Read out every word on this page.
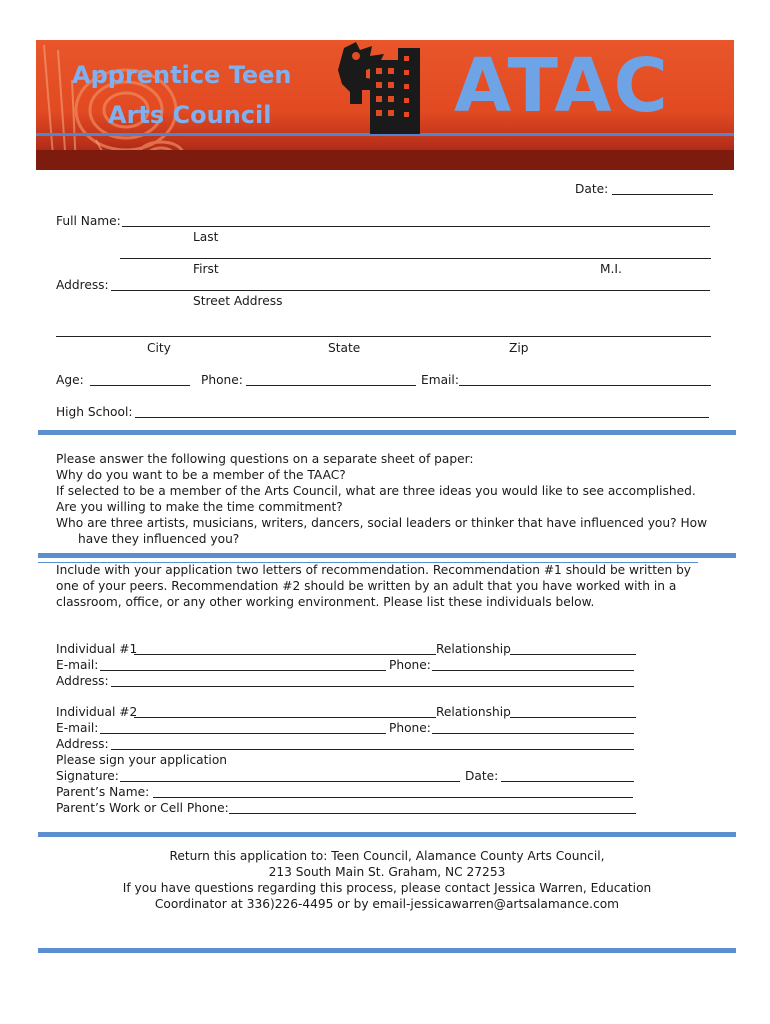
Apprentice Teen
Arts Council ATAC
Date:
Full Name:
Last
First	M.I.
Address:
Street Address
City	State	Zip
Age:	Phone:	Email:
High School:
Please answer the following questions on a separate sheet of paper:
Why do you want to be a member of the TAAC?
If selected to be a member of the Arts Council, what are three ideas you would like to see accomplished.
Are you willing to make the time commitment?
Who are three artists, musicians, writers, dancers, social leaders or thinker that have influenced you? How
have they influenced you?
Include with your application two letters of recommendation. Recommendation #1 should be written by
one of your peers. Recommendation #2 should be written by an adult that you have worked with in a
classroom, office, or any other working environment. Please list these individuals below.
Individual #1	Relationship
E-mail:	Phone:
Address:
Individual #2	Relationship
E-mail:	Phone:
Address:
Please sign your application
Signature:	Date:
Parent’s Name:
Parent’s Work or Cell Phone:
Return this application to: Teen Council, Alamance County Arts Council,
213 South Main St. Graham, NC 27253
If you have questions regarding this process, please contact Jessica Warren, Education
Coordinator at 336)226-4495 or by email-jessicawarren@artsalamance.com
